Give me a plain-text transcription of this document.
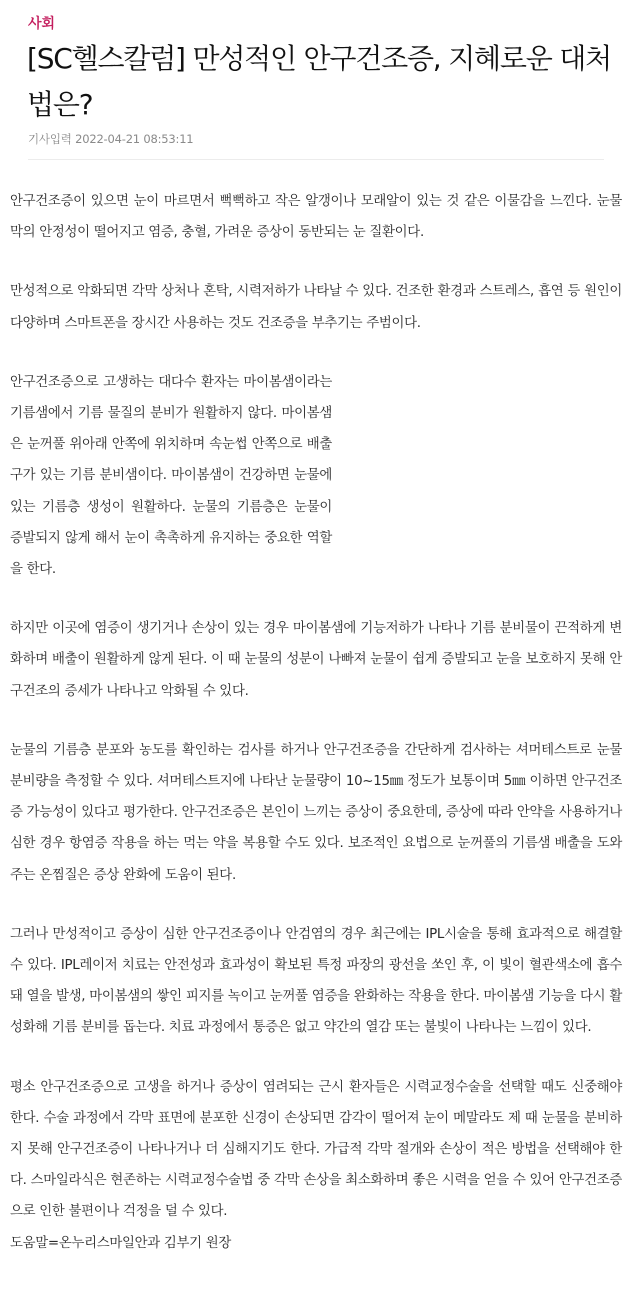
사회
[SC헬스칼럼] 만성적인 안구건조증, 지혜로운 대처법은?
기사입력 2022-04-21 08:53:11

안구건조증이 있으면 눈이 마르면서 뻑뻑하고 작은 알갱이나 모래알이 있는 것 같은 이물감을 느낀다. 눈물 막의 안정성이 떨어지고 염증, 충혈, 가려운 증상이 동반되는 눈 질환이다.

만성적으로 악화되면 각막 상처나 혼탁, 시력저하가 나타날 수 있다. 건조한 환경과 스트레스, 흡연 등 원인이 다양하며 스마트폰을 장시간 사용하는 것도 건조증을 부추기는 주범이다.

안구건조증으로 고생하는 대다수 환자는 마이봄샘이라는 기름샘에서 기름 물질의 분비가 원활하지 않다. 마이봄샘은 눈꺼풀 위아래 안쪽에 위치하며 속눈썹 안쪽으로 배출구가 있는 기름 분비샘이다. 마이봄샘이 건강하면 눈물에 있는 기름층 생성이 원활하다. 눈물의 기름층은 눈물이 증발되지 않게 해서 눈이 촉촉하게 유지하는 중요한 역할을 한다.

하지만 이곳에 염증이 생기거나 손상이 있는 경우 마이봄샘에 기능저하가 나타나 기름 분비물이 끈적하게 변화하며 배출이 원활하게 않게 된다. 이 때 눈물의 성분이 나빠져 눈물이 쉽게 증발되고 눈을 보호하지 못해 안구건조의 증세가 나타나고 악화될 수 있다.

눈물의 기름층 분포와 농도를 확인하는 검사를 하거나 안구건조증을 간단하게 검사하는 셔머테스트로 눈물 분비량을 측정할 수 있다. 셔머테스트지에 나타난 눈물량이 10~15㎜ 정도가 보통이며 5㎜ 이하면 안구건조증 가능성이 있다고 평가한다. 안구건조증은 본인이 느끼는 증상이 중요한데, 증상에 따라 안약을 사용하거나 심한 경우 항염증 작용을 하는 먹는 약을 복용할 수도 있다. 보조적인 요법으로 눈꺼풀의 기름샘 배출을 도와주는 온찜질은 증상 완화에 도움이 된다.

그러나 만성적이고 증상이 심한 안구건조증이나 안검염의 경우 최근에는 IPL시술을 통해 효과적으로 해결할 수 있다. IPL레이저 치료는 안전성과 효과성이 확보된 특정 파장의 광선을 쏘인 후, 이 빛이 혈관색소에 흡수돼 열을 발생, 마이봄샘의 쌓인 피지를 녹이고 눈꺼풀 염증을 완화하는 작용을 한다. 마이봄샘 기능을 다시 활성화해 기름 분비를 돕는다. 치료 과정에서 통증은 없고 약간의 열감 또는 불빛이 나타나는 느낌이 있다.

평소 안구건조증으로 고생을 하거나 증상이 염려되는 근시 환자들은 시력교정수술을 선택할 때도 신중해야 한다. 수술 과정에서 각막 표면에 분포한 신경이 손상되면 감각이 떨어져 눈이 메말라도 제 때 눈물을 분비하지 못해 안구건조증이 나타나거나 더 심해지기도 한다. 가급적 각막 절개와 손상이 적은 방법을 선택해야 한다. 스마일라식은 현존하는 시력교정수술법 중 각막 손상을 최소화하며 좋은 시력을 얻을 수 있어 안구건조증으로 인한 불편이나 걱정을 덜 수 있다.

도움말=온누리스마일안과 김부기 원장
